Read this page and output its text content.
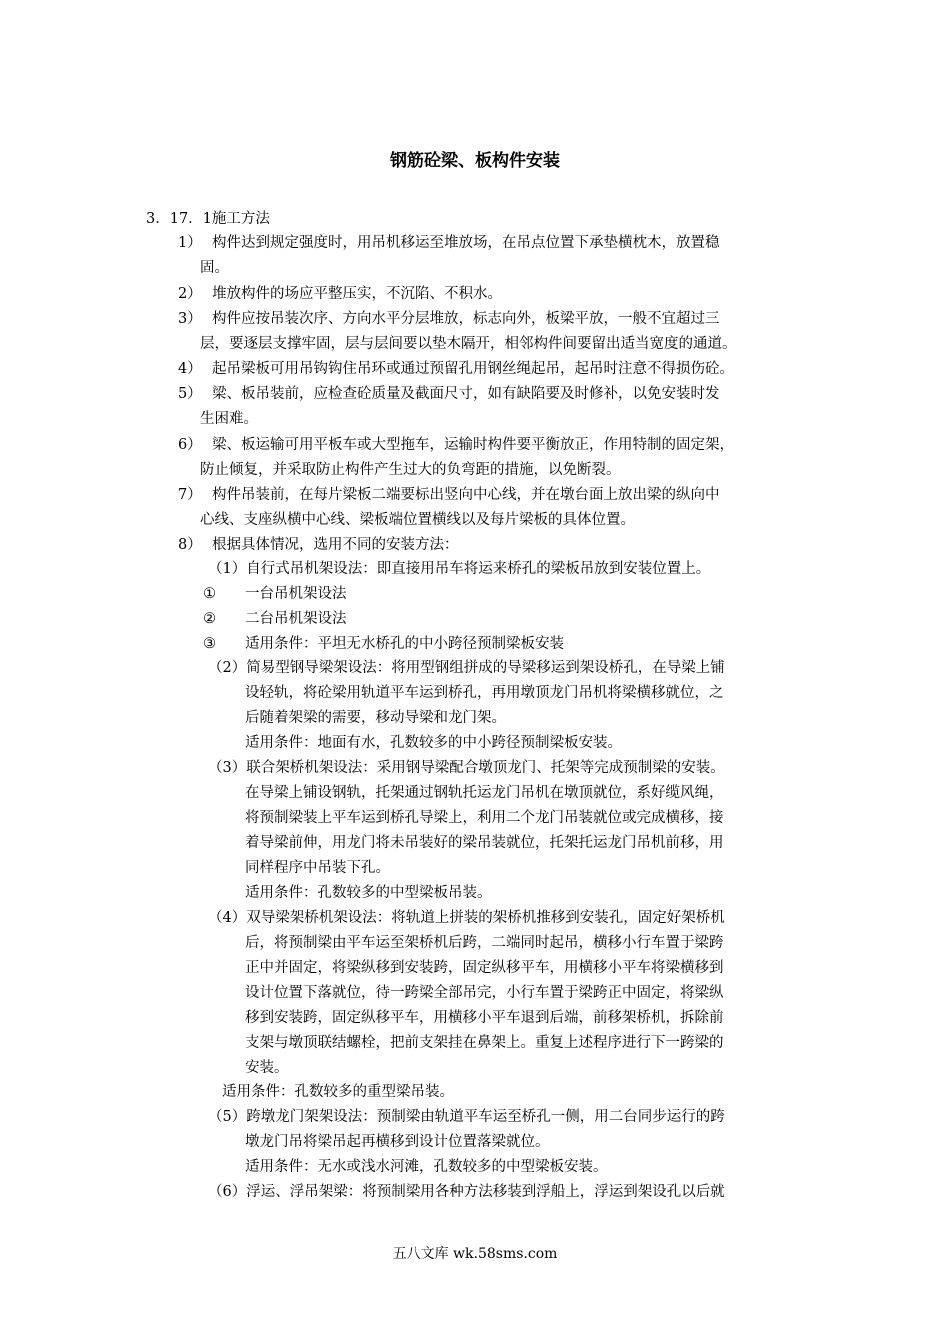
钢筋砼梁、板构件安装
3．17．1施工方法
1） 构件达到规定强度时，用吊机移运至堆放场，在吊点位置下承垫横枕木，放置稳
固。
2） 堆放构件的场应平整压实，不沉陷、不积水。
3） 构件应按吊装次序、方向水平分层堆放，标志向外，板梁平放，一般不宜超过三
层，要逐层支撑牢固，层与层间要以垫木隔开，相邻构件间要留出适当宽度的通道。
4） 起吊梁板可用吊钩钩住吊环或通过预留孔用钢丝绳起吊，起吊时注意不得损伤砼。
5） 梁、板吊装前，应检查砼质量及截面尺寸，如有缺陷要及时修补，以免安装时发
生困难。
6） 梁、板运输可用平板车或大型拖车，运输时构件要平衡放正，作用特制的固定架，
防止倾复，并采取防止构件产生过大的负弯距的措施，以免断裂。
7） 构件吊装前，在每片梁板二端要标出竖向中心线，并在墩台面上放出梁的纵向中
心线、支座纵横中心线、梁板端位置横线以及每片梁板的具体位置。
8） 根据具体情况，选用不同的安装方法：
（1）自行式吊机架设法：即直接用吊车将运来桥孔的梁板吊放到安装位置上。
① 一台吊机架设法
② 二台吊机架设法
③ 适用条件：平坦无水桥孔的中小跨径预制梁板安装
（2）简易型钢导梁架设法：将用型钢组拼成的导梁移运到架设桥孔，在导梁上铺
设轻轨，将砼梁用轨道平车运到桥孔，再用墩顶龙门吊机将梁横移就位，之
后随着架梁的需要，移动导梁和龙门架。
适用条件：地面有水，孔数较多的中小跨径预制梁板安装。
（3）联合架桥机架设法：采用钢导梁配合墩顶龙门、托架等完成预制梁的安装。
在导梁上铺设钢轨，托架通过钢轨托运龙门吊机在墩顶就位，系好缆风绳，
将预制梁装上平车运到桥孔导梁上，利用二个龙门吊装就位或完成横移，接
着导梁前伸，用龙门将未吊装好的梁吊装就位，托架托运龙门吊机前移，用
同样程序中吊装下孔。
适用条件：孔数较多的中型梁板吊装。
（4）双导梁架桥机架设法：将轨道上拼装的架桥机推移到安装孔，固定好架桥机
后，将预制梁由平车运至架桥机后跨，二端同时起吊，横移小行车置于梁跨
正中并固定，将梁纵移到安装跨，固定纵移平车，用横移小平车将梁横移到
设计位置下落就位，待一跨梁全部吊完，小行车置于梁跨正中固定，将梁纵
移到安装跨，固定纵移平车，用横移小平车退到后端，前移架桥机，拆除前
支架与墩顶联结螺栓，把前支架挂在鼻架上。重复上述程序进行下一跨梁的
安装。
适用条件：孔数较多的重型梁吊装。
（5）跨墩龙门架架设法：预制梁由轨道平车运至桥孔一侧，用二台同步运行的跨
墩龙门吊将梁吊起再横移到设计位置落梁就位。
适用条件：无水或浅水河滩，孔数较多的中型梁板安装。
（6）浮运、浮吊架梁：将预制梁用各种方法移装到浮船上，浮运到架设孔以后就
五八文库 wk.58sms.com
